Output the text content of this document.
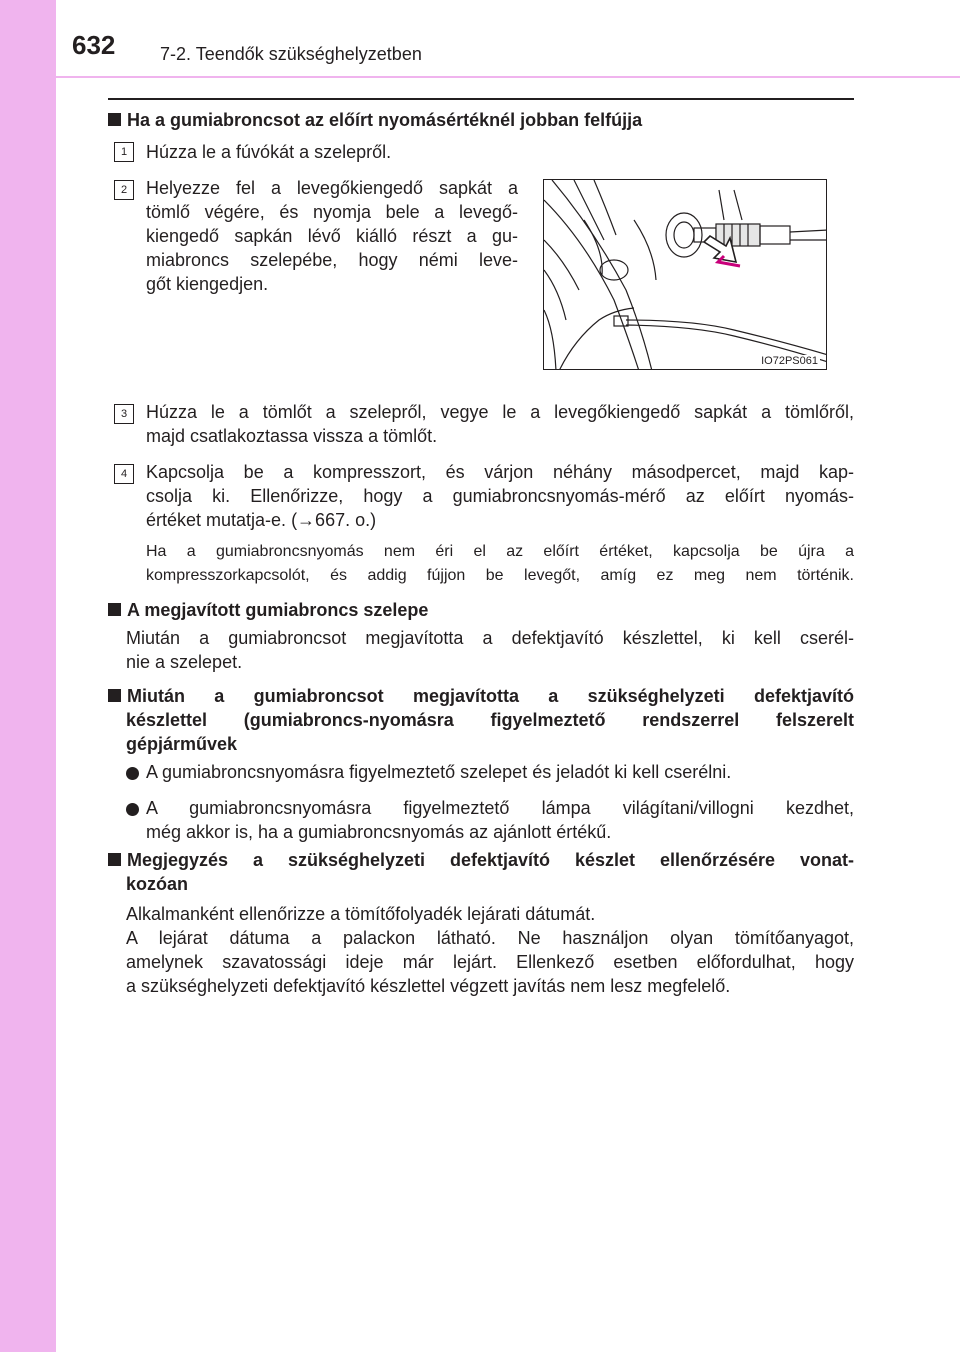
632 7-2. Teendők szükséghelyzetben
Ha a gumiabroncsot az előírt nyomásértéknél jobban felfújja
1	Húzza le a fúvókát a szelepről.
2	Helyezze fel a levegőkiengedő sapkát a
tömlő végére, és nyomja bele a levegő-
kiengedő sapkán lévő kiálló részt a gu-
miabroncs szelepébe, hogy némi leve-
gőt kiengedjen.
IO72PS061
3	Húzza le a tömlőt a szelepről, vegye le a levegőkiengedő sapkát a tömlőről,
majd csatlakoztassa vissza a tömlőt.
4	Kapcsolja be a kompresszort, és várjon néhány másodpercet, majd kap-
csolja ki. Ellenőrizze, hogy a gumiabroncsnyomás-mérő az előírt nyomás-
értéket mutatja-e. (→667. o.)
Ha a gumiabroncsnyomás nem éri el az előírt értéket, kapcsolja be újra a
kompresszorkapcsolót, és addig fújjon be levegőt, amíg ez meg nem történik.
A megjavított gumiabroncs szelepe
Miután a gumiabroncsot megjavította a defektjavító készlettel, ki kell cserél-
nie a szelepet.
Miután a gumiabroncsot megjavította a szükséghelyzeti defektjavító
készlettel (gumiabroncs-nyomásra figyelmeztető rendszerrel felszerelt
gépjárművek
A gumiabroncsnyomásra figyelmeztető szelepet és jeladót ki kell cserélni.
A gumiabroncsnyomásra figyelmeztető lámpa világítani/villogni kezdhet,
még akkor is, ha a gumiabroncsnyomás az ajánlott értékű.
Megjegyzés a szükséghelyzeti defektjavító készlet ellenőrzésére vonat-
kozóan
Alkalmanként ellenőrizze a tömítőfolyadék lejárati dátumát.
A lejárat dátuma a palackon látható. Ne használjon olyan tömítőanyagot,
amelynek szavatossági ideje már lejárt. Ellenkező esetben előfordulhat, hogy
a szükséghelyzeti defektjavító készlettel végzett javítás nem lesz megfelelő.
